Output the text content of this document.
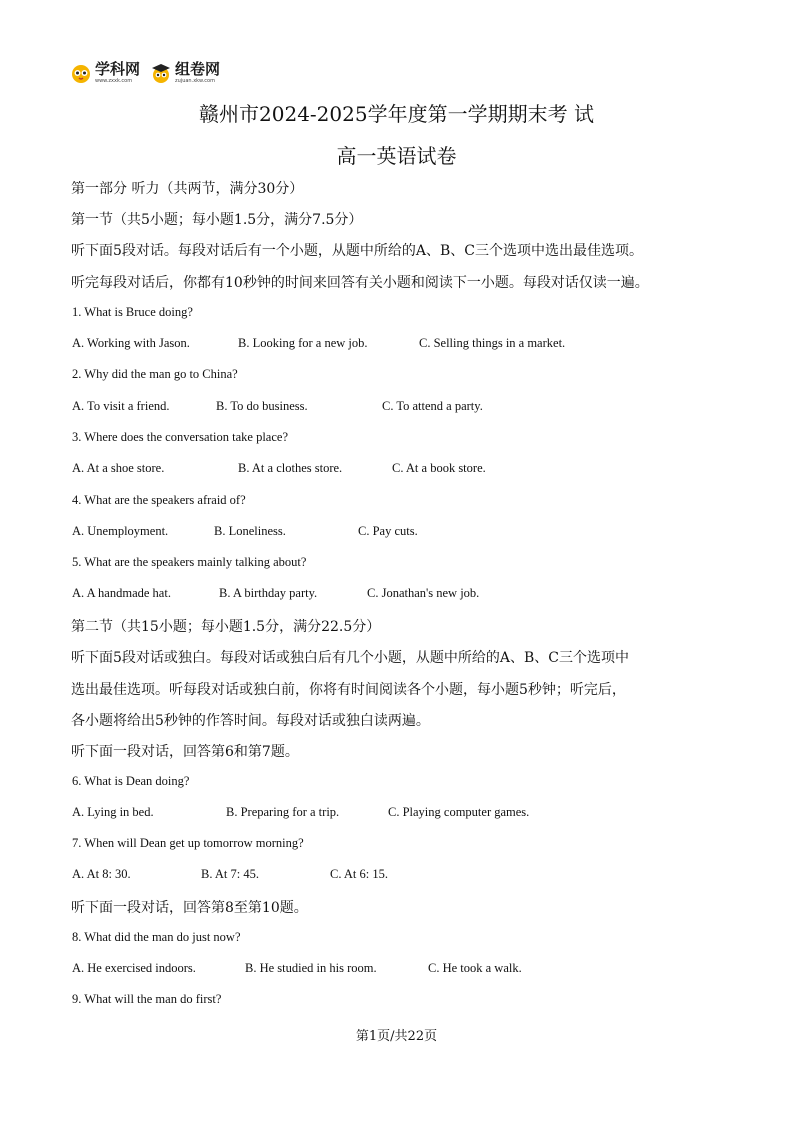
学科网
www.zxxk.com
组卷网
zujuan.xkw.com
赣州市2024-2025学年度第一学期期末考 试
高一英语试卷
第一部分 听力（共两节，满分30分）
第一节（共5小题；每小题1.5分，满分7.5分）
听下面5段对话。每段对话后有一个小题，从题中所给的A、B、C三个选项中选出最佳选项。
听完每段对话后，你都有10秒钟的时间来回答有关小题和阅读下一小题。每段对话仅读一遍。
1. What is Bruce doing?
A. Working with Jason.	B. Looking for a new job.	C. Selling things in a market.
2. Why did the man go to China?
A. To visit a friend.	B. To do business.	C. To attend a party.
3. Where does the conversation take place?
A. At a shoe store.	B. At a clothes store.	C. At a book store.
4. What are the speakers afraid of?
A. Unemployment.	B. Loneliness.	C. Pay cuts.
5. What are the speakers mainly talking about?
A. A handmade hat.	B. A birthday party.	C. Jonathan's new job.
第二节（共15小题；每小题1.5分，满分22.5分）
听下面5段对话或独白。每段对话或独白后有几个小题，从题中所给的A、B、C三个选项中
选出最佳选项。听每段对话或独白前，你将有时间阅读各个小题，每小题5秒钟；听完后，
各小题将给出5秒钟的作答时间。每段对话或独白读两遍。
听下面一段对话，回答第6和第7题。
6. What is Dean doing?
A. Lying in bed.	B. Preparing for a trip.	C. Playing computer games.
7. When will Dean get up tomorrow morning?
A. At 8: 30.	B. At 7: 45.	C. At 6: 15.
听下面一段对话，回答第8至第10题。
8. What did the man do just now?
A. He exercised indoors.	B. He studied in his room.	C. He took a walk.
9. What will the man do first?
第1页/共22页
